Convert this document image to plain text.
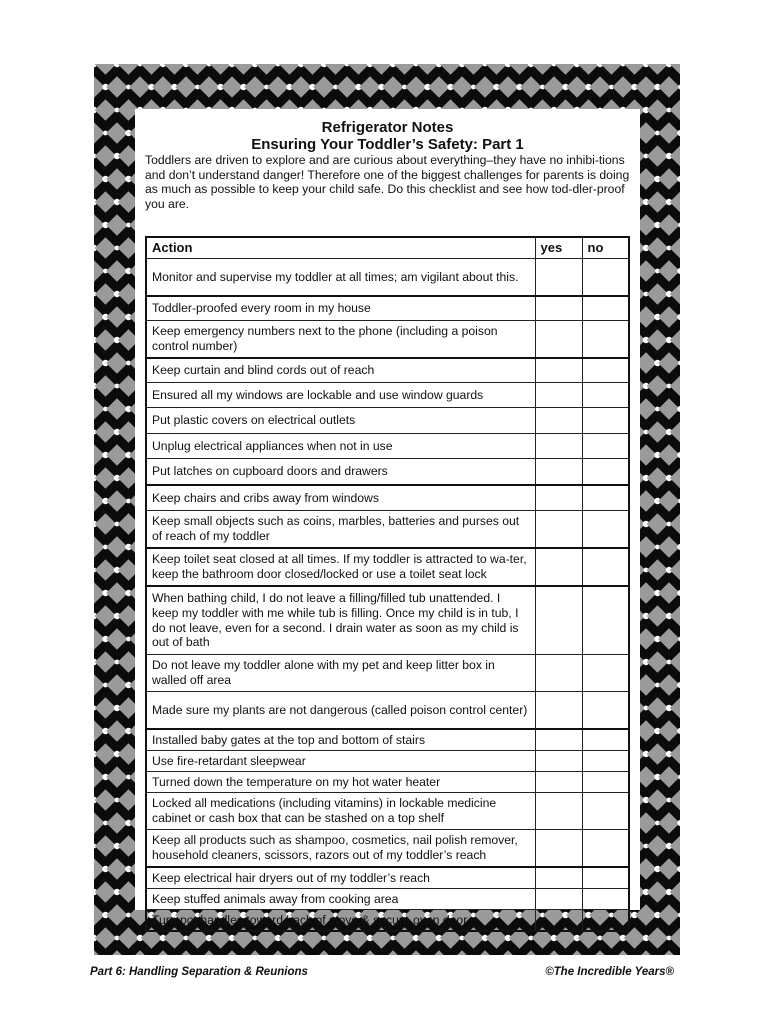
Refrigerator Notes
Ensuring Your Toddler’s Safety: Part 1
Toddlers are driven to explore and are curious about everything–they have no inhibi-tions and don’t understand danger! Therefore one of the biggest challenges for parents is doing as much as possible to keep your child safe. Do this checklist and see how tod-dler-proof you are.
Action	yes	no
Monitor and supervise my toddler at all times; am vigilant about this.		
Toddler-proofed every room in my house		
Keep emergency numbers next to the phone (including a poison control number)		
Keep curtain and blind cords out of reach		
Ensured all my windows are lockable and use window guards		
Put plastic covers on electrical outlets		
Unplug electrical appliances when not in use		
Put latches on cupboard doors and drawers		
Keep chairs and cribs away from windows		
Keep small objects such as coins, marbles, batteries and purses out of reach of my toddler		
Keep toilet seat closed at all times. If my toddler is attracted to wa-ter, keep the bathroom door closed/locked or use a toilet seat lock		
When bathing child, I do not leave a filling/filled tub unattended. I keep my toddler with me while tub is filling. Once my child is in tub, I do not leave, even for a second. I drain water as soon as my child is out of bath		
Do not leave my toddler alone with my pet and keep litter box in walled off area		
Made sure my plants are not dangerous (called poison control center)		
Installed baby gates at the top and bottom of stairs		
Use fire-retardant sleepwear		
Turned down the temperature on my hot water heater		
Locked all medications (including vitamins) in lockable medicine cabinet or cash box that can be stashed on a top shelf		
Keep all products such as shampoo, cosmetics, nail polish remover, household cleaners, scissors, razors out of my toddler’s reach		
Keep electrical hair dryers out of my toddler’s reach		
Keep stuffed animals away from cooking area		
Turn pot handles toward back of stove & secure oven door		
Part 6: Handling Separation & Reunions	©The Incredible Years®
